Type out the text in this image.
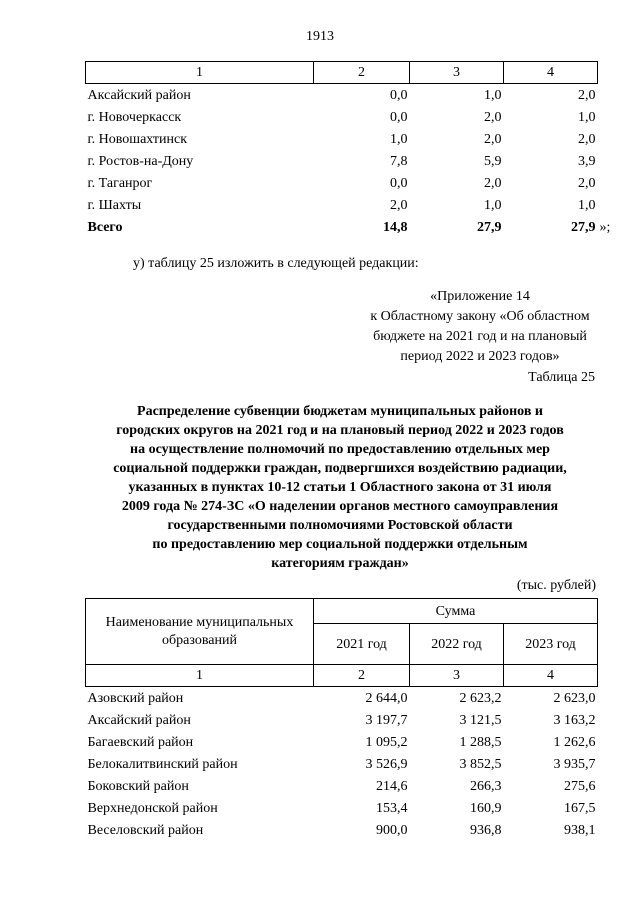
1913
1	2	3	4
Аксайский район	0,0	1,0	2,0
г. Новочеркасск	0,0	2,0	1,0
г. Новошахтинск	1,0	2,0	2,0
г. Ростов-на-Дону	7,8	5,9	3,9
г. Таганрог	0,0	2,0	2,0
г. Шахты	2,0	1,0	1,0
Всего	14,8	27,9	27,9 »;
у) таблицу 25 изложить в следующей редакции:
«Приложение 14
к Областному закону «Об областном
бюджете на 2021 год и на плановый
период 2022 и 2023 годов»
Таблица 25
Распределение субвенции бюджетам муниципальных районов и
городских округов на 2021 год и на плановый период 2022 и 2023 годов
на осуществление полномочий по предоставлению отдельных мер
социальной поддержки граждан, подвергшихся воздействию радиации,
указанных в пунктах 10-12 статьи 1 Областного закона от 31 июля
2009 года № 274-ЗС «О наделении органов местного самоуправления
государственными полномочиями Ростовской области
по предоставлению мер социальной поддержки отдельным
категориям граждан»
(тыс. рублей)
Наименование муниципальных образований	Сумма		
	2021 год	2022 год	2023 год
1	2	3	4
Азовский район	2 644,0	2 623,2	2 623,0
Аксайский район	3 197,7	3 121,5	3 163,2
Багаевский район	1 095,2	1 288,5	1 262,6
Белокалитвинский район	3 526,9	3 852,5	3 935,7
Боковский район	214,6	266,3	275,6
Верхнедонской район	153,4	160,9	167,5
Веселовский район	900,0	936,8	938,1
